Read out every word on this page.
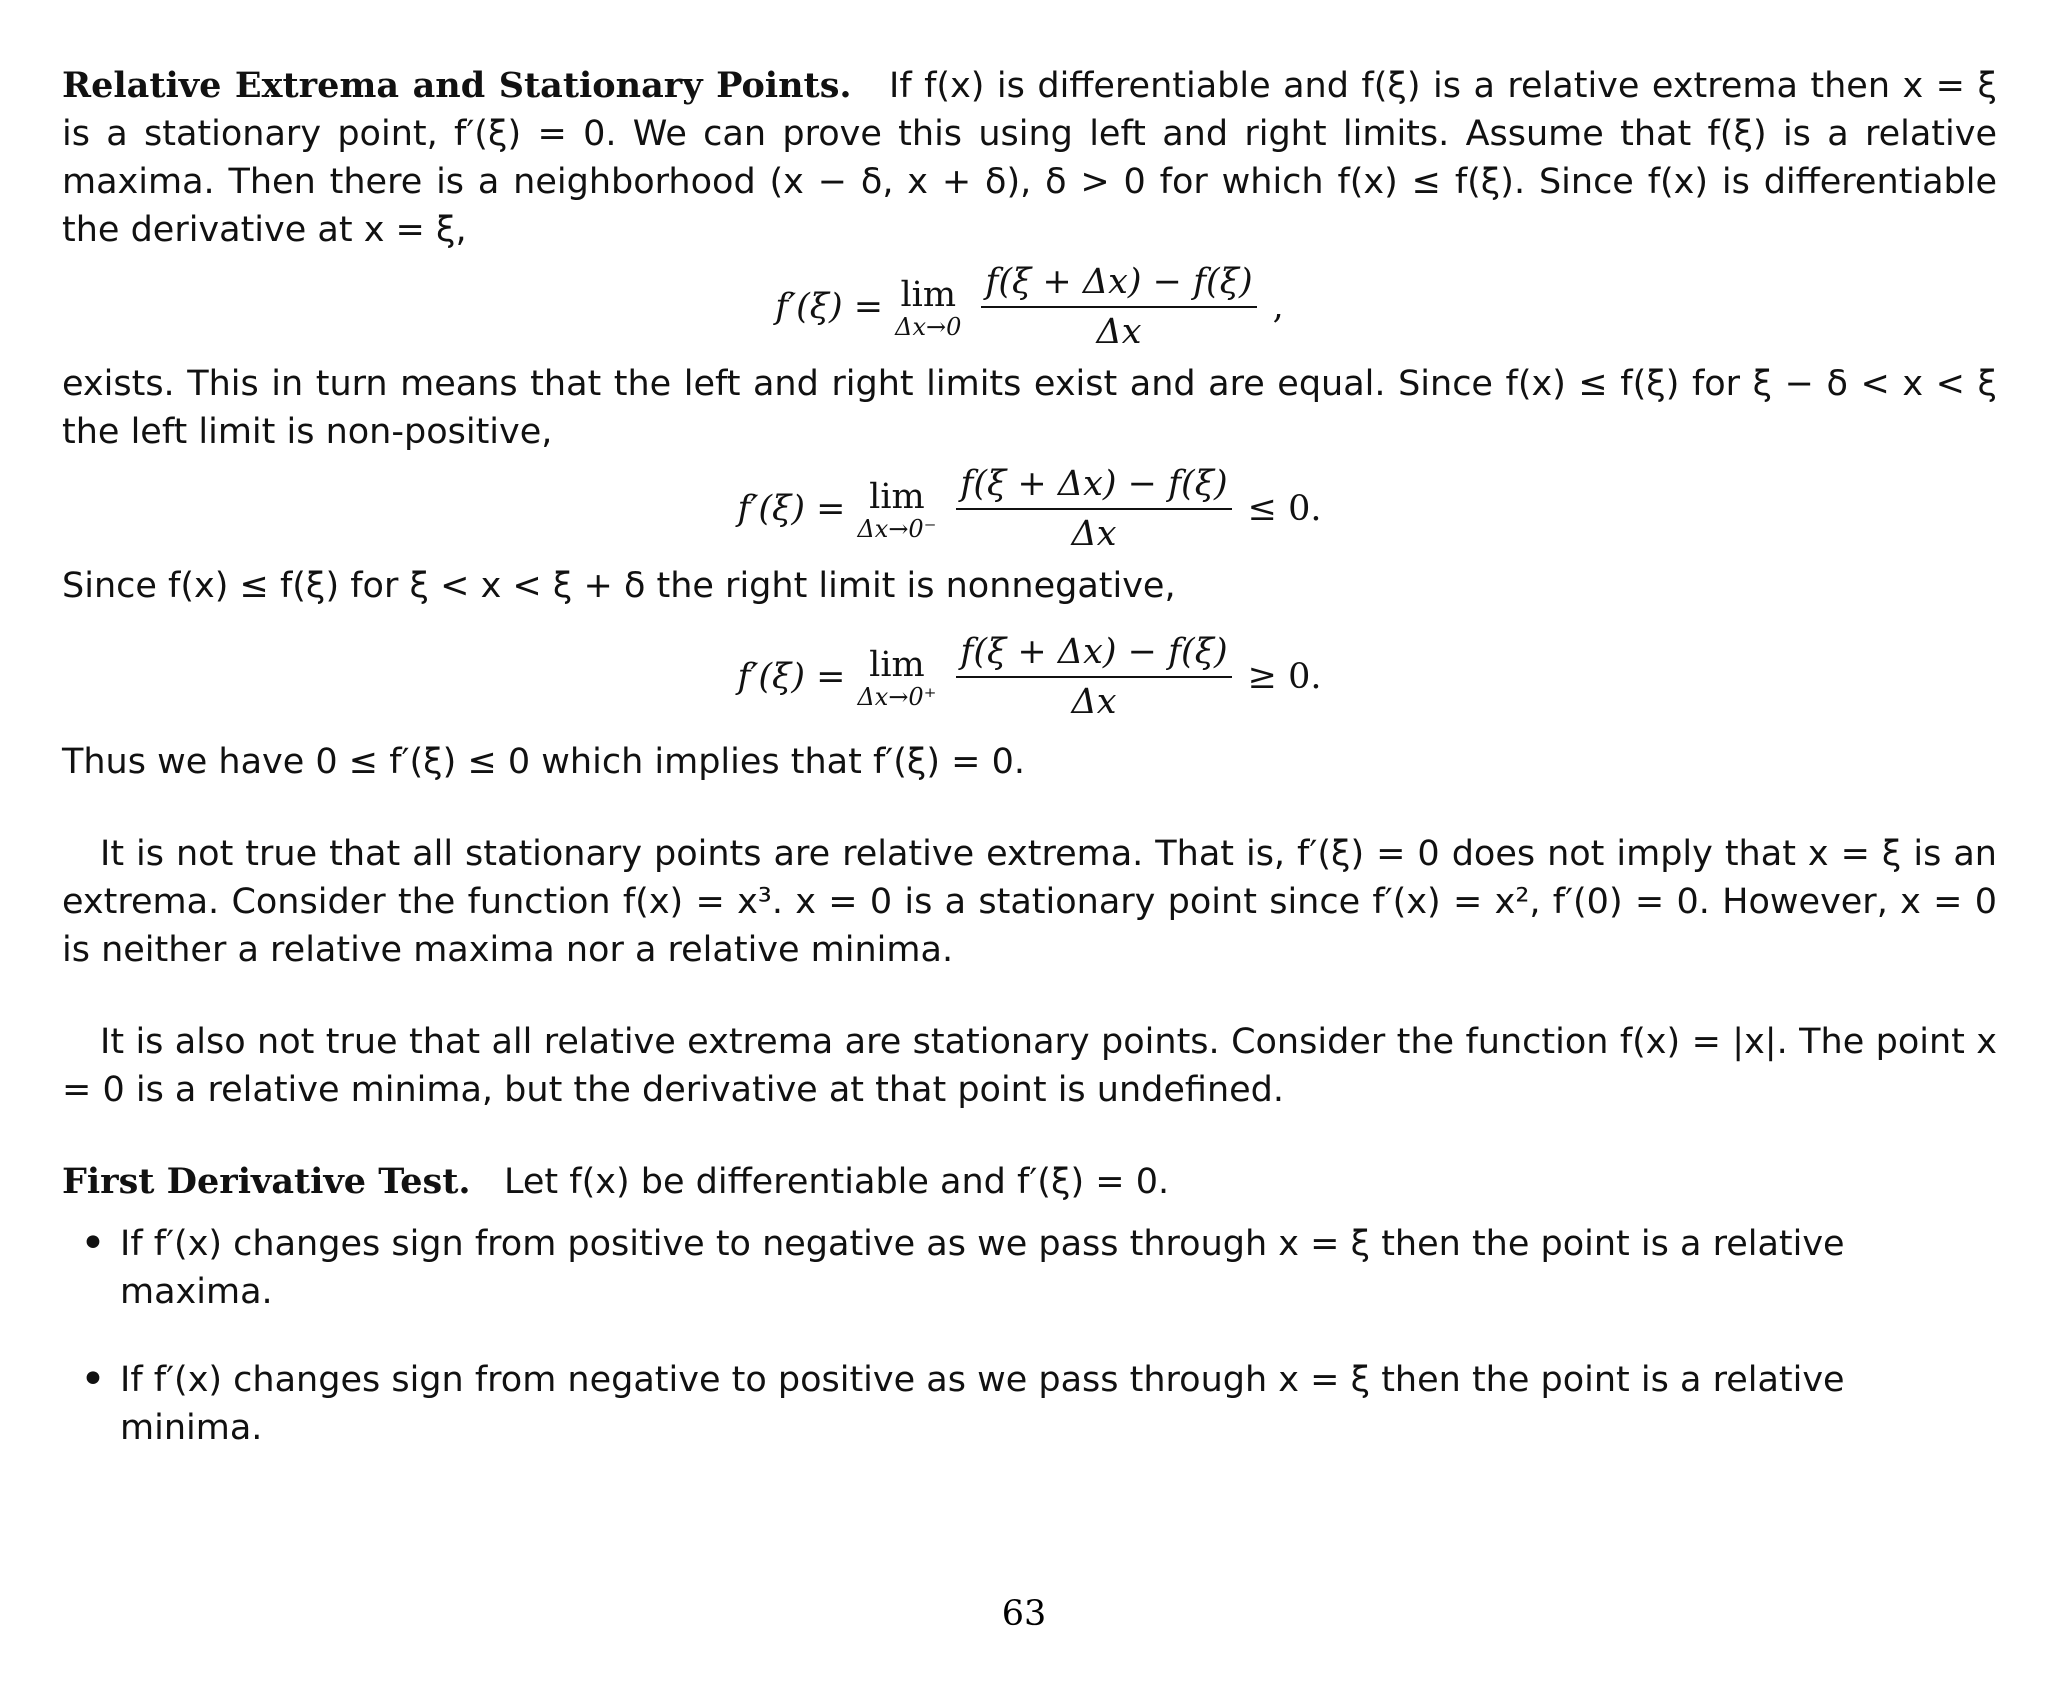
Relative Extrema and Stationary Points. If f(x) is differentiable and f(ξ) is a relative extrema then x = ξ is a stationary point, f′(ξ) = 0. We can prove this using left and right limits. Assume that f(ξ) is a relative maxima. Then there is a neighborhood (x − δ, x + δ), δ > 0 for which f(x) ≤ f(ξ). Since f(x) is differentiable the derivative at x = ξ,

f′(ξ) = lim
$\Delta x\to 0 \frac{f(\xi + \Delta x) - f(\xi)}{\Delta x}$ ,

exists. This in turn means that the left and right limits exist and are equal. Since f(x) ≤ f(ξ) for ξ − δ < x < ξ the left limit is non-positive,

f′(ξ) = lim
$\Delta x\to 0^- \frac{f(\xi + \Delta x) - f(\xi)}{\Delta x} \le 0$.

Since f(x) ≤ f(ξ) for ξ < x < ξ + δ the right limit is nonnegative,

f′(ξ) = lim
$\Delta x\to 0^+ \frac{f(\xi + \Delta x) - f(\xi)}{\Delta x} \ge 0$.

Thus we have 0 ≤ f′(ξ) ≤ 0 which implies that f′(ξ) = 0.

It is not true that all stationary points are relative extrema. That is, f′(ξ) = 0 does not imply that x = ξ is an extrema. Consider the function f(x) = x³. x = 0 is a stationary point since f′(x) = x², f′(0) = 0. However, x = 0 is neither a relative maxima nor a relative minima.

It is also not true that all relative extrema are stationary points. Consider the function f(x) = |x|. The point x = 0 is a relative minima, but the derivative at that point is undefined.

First Derivative Test. Let f(x) be differentiable and f′(ξ) = 0.

• If f′(x) changes sign from positive to negative as we pass through x = ξ then the point is a relative maxima.
• If f′(x) changes sign from negative to positive as we pass through x = ξ then the point is a relative minima.
63
